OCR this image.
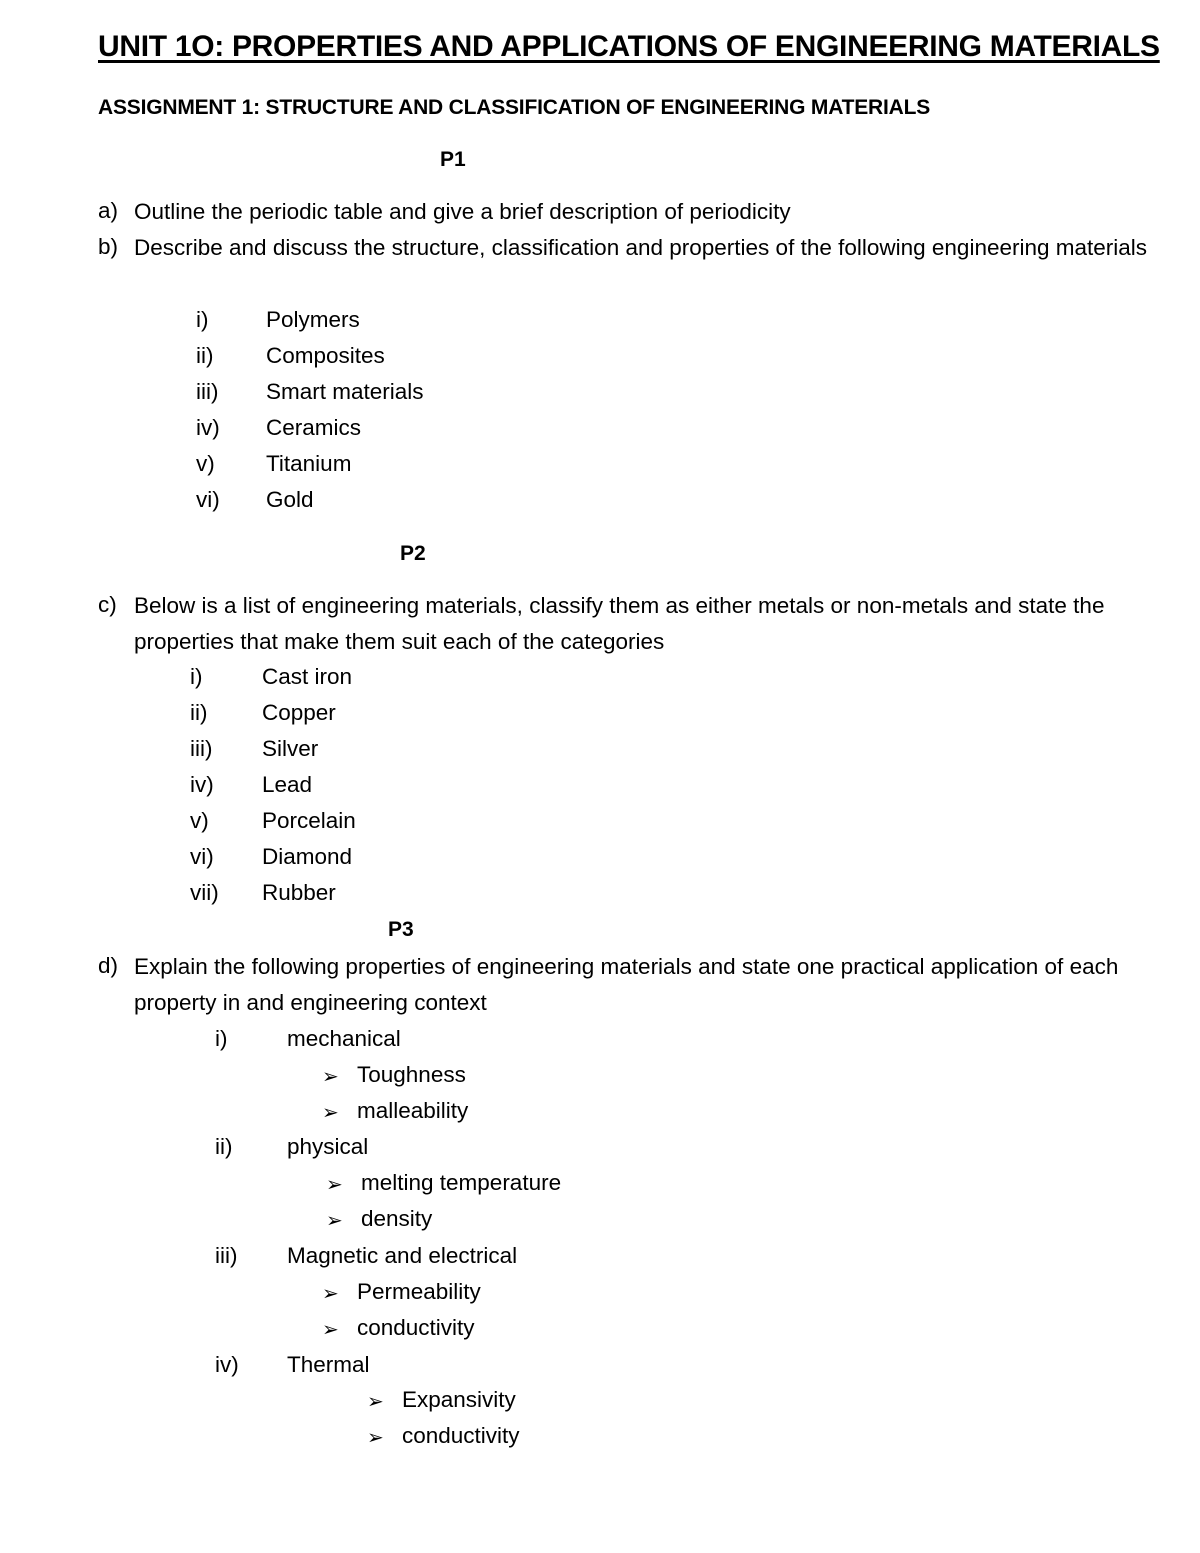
UNIT 1O: PROPERTIES AND APPLICATIONS OF ENGINEERING MATERIALS
ASSIGNMENT 1: STRUCTURE AND CLASSIFICATION OF ENGINEERING MATERIALS
P1
a) Outline the periodic table and give a brief description of periodicity
b) Describe and discuss the structure, classification and properties of the following engineering materials
i)	Polymers
ii) Composites
iii) Smart materials
iv) Ceramics
v) Titanium
vi) Gold
P2
c) Below is a list of engineering materials, classify them as either metals or non-metals and state the properties that make them suit each of the categories
i)	Cast iron
ii) Copper
iii) Silver
iv) Lead
v) Porcelain
vi) Diamond
vii) Rubber
P3
d) Explain the following properties of engineering materials and state one practical application of each property in and engineering context
i)	mechanical
➢ Toughness
➢ malleability
ii) physical
➢ melting temperature
➢ density
iii) Magnetic and electrical
➢ Permeability
➢ conductivity
iv) Thermal
➢ Expansivity
➢ conductivity
